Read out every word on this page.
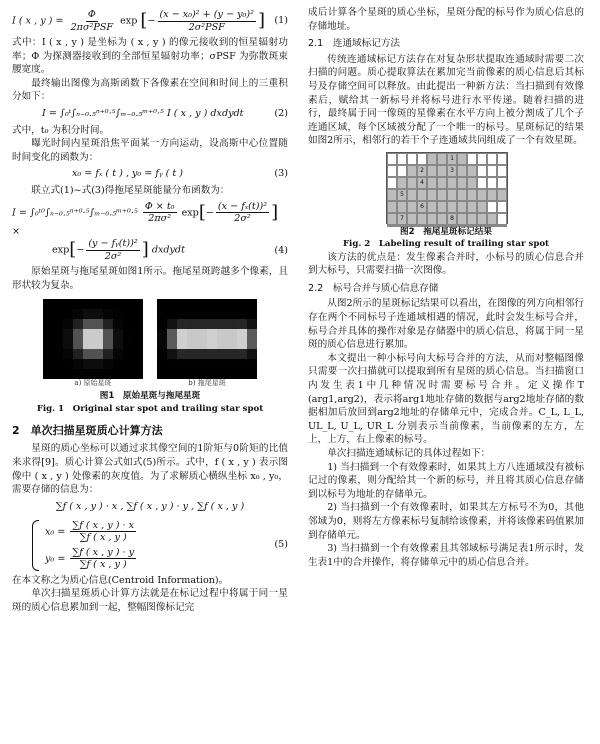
I ( x , y ) = $\frac{\Phi}{\text{2πσ²PSF}}$ exp [− $\frac{\text{(x − x₀)² + (y − y₀)²}}{\text{2σ²PSF}}$ ] (1)

式中：I ( x , y ) 是坐标为 ( x , y ) 的像元接收到的恒星辐射功率；Φ 为探测器接收到的全部恒星辐射功率；σPSF 为弥散斑束腰宽度。

最终输出图像为高斯函数下各像素在空间和时间上的三重积分如下：

I = ∫₀ᵗ∫ₙ₋₀.₅ⁿ⁺⁰·⁵∫ₘ₋₀.₅ᵐ⁺⁰·⁵ I ( x , y ) dxdydt	(2)

式中，t₀ 为积分时间。

曝光时间内星斑沿焦平面某一方向运动，设高斯中心位置随时间变化的函数为：

x₀ = fₓ ( t ) , y₀ = fᵧ ( t )	(3)

联立式(1)~式(3)得拖尾星斑能量分布函数为：

I = ∫₀ᵗ⁰∫ₙ₋₀.₅ⁿ⁺⁰·⁵∫ₘ₋₀.₅ᵐ⁺⁰·⁵ $\frac{\text{Φ × t₀}}{\text{2πσ²}} \exp[- \frac{\text{(x − fₓ(t))²}}{\text{2σ²}}$ ] ×
$\exp[- \frac{\text{(y − fᵧ(t))²}}{\text{2σ²}}$ ] dxdydt	(4)

原始星斑与拖尾星斑如图1所示。拖尾星斑跨越多个像素，且形状较为复杂。

a) 原始星斑	b) 拖尾星斑
图1　原始星斑与拖尾星斑
Fig. 1　Original star spot and trailing star spot
2　单次扫描星斑质心计算方法

星斑的质心坐标可以通过求其像空间的1阶矩与0阶矩的比值来求得[9]。质心计算公式如式(5)所示。式中，f ( x , y ) 表示图像中 ( x , y ) 处像素的灰度值。为了求解质心横纵坐标 x₀ , y₀，需要存储的信息为：

∑f ( x , y ) · x , ∑f ( x , y ) · y , ∑f ( x , y )
$x_0 = \frac{\sum f ( x , y ) \cdot x}{\sum f ( x , y )}$
$y_0 = \frac{\sum f ( x , y ) \cdot y}{\sum f ( x , y )}$
(5)

在本文称之为质心信息(Centroid Information)。

单次扫描星斑质心计算方法就是在标记过程中将属于同一星斑的质心信息累加到一起，整幅图像标记完

成后计算各个星斑的质心坐标，星斑分配的标号作为质心信息的存储地址。

2.1　连通域标记方法

传统连通域标记方法存在对复杂形状提取连通域时需要二次扫描的问题。质心提取算法在累加完当前像素的质心信息后其标号及存储空间可以释放。由此提出一种新方法：当扫描到有效像素后，赋给其一新标号并将标号进行水平传递。随着扫描的进行，最终属于同一像斑的星像素在水平方向上被分割成了几个子连通区域，每个区域被分配了一个唯一的标号。星斑标记的结果如图2所示，相邻行的若干个子连通域共同组成了一个有效星斑。

1
2	3
4
5
6
7	8
图2　拖尾星斑标记结果
Fig. 2　Labeling result of trailing star spot

该方法的优点是：发生像素合并时，小标号的质心信息合并到大标号，只需要扫描一次图像。

2.2　标号合并与质心信息存储

从图2所示的星斑标记结果可以看出，在图像的列方向相邻行存在两个不同标号子连通域相遇的情况，此时会发生标号合并，标号合并具体的操作对象是存储器中的质心信息，将属于同一星斑的质心信息进行累加。

本文提出一种小标号向大标号合并的方法，从而对整幅图像只需要一次扫描就可以提取到所有星斑的质心信息。当扫描窗口内发生表1中几种情况时需要标号合并。定义操作T (arg1,arg2)，表示将arg1地址存储的数据与arg2地址存储的数据相加后放回到arg2地址的存储单元中，完成合并。C_L, L_L, UL_L, U_L, UR_L 分别表示当前像素，当前像素的左方，左上，上方，右上像素的标号。

单次扫描连通域标记的具体过程如下：

1) 当扫描到一个有效像素时，如果其上方八连通域没有被标记过的像素，则分配给其一个新的标号，并且将其质心信息存储到以标号为地址的存储单元。

2) 当扫描到一个有效像素时，如果其左方标号不为0，其他邻域为0，则将左方像素标号复制给该像素，并将该像素码值累加到存储单元。

3) 当扫描到一个有效像素且其邻域标号满足表1所示时，发生表1中的合并操作，将存储单元中的质心信息合并。
